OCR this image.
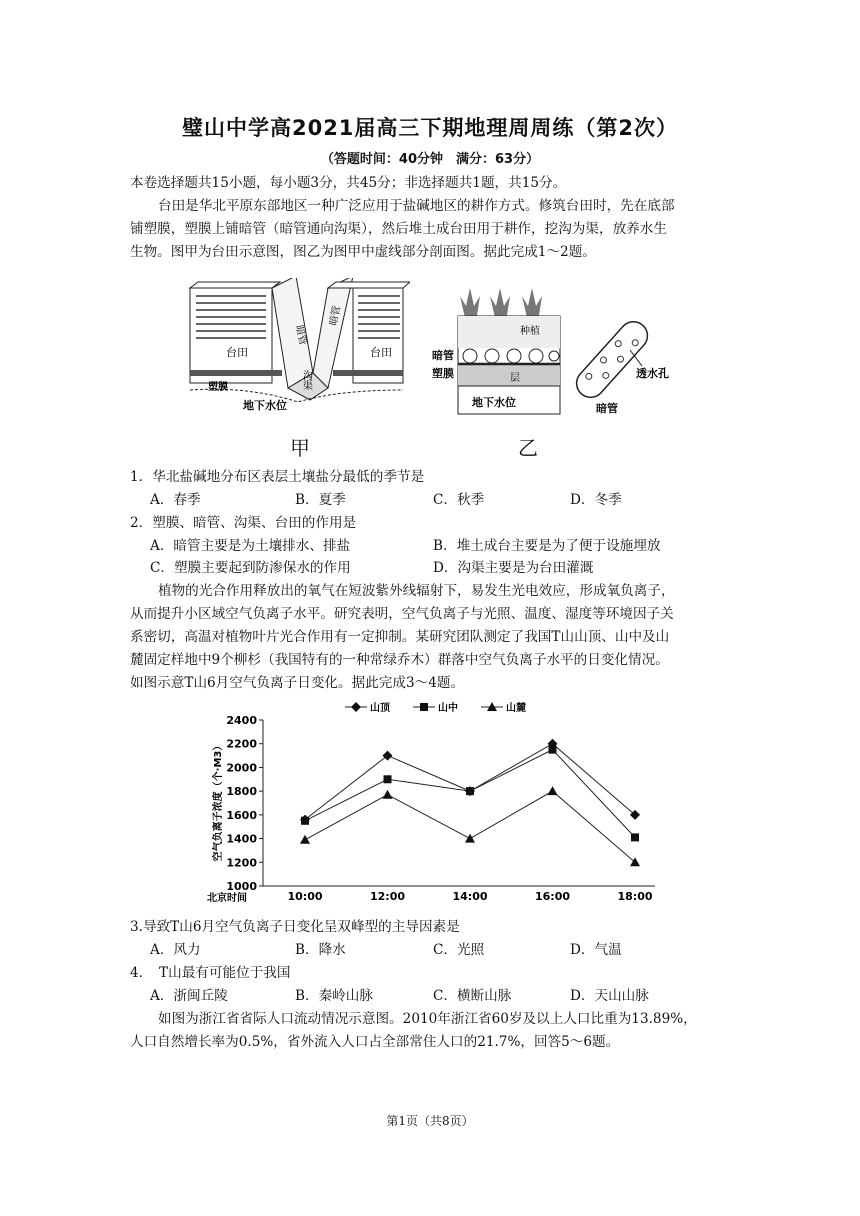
璧山中学高2021届高三下期地理周周练（第2次）
（答题时间：40分钟　满分：63分）
本卷选择题共15小题，每小题3分，共45分；非选择题共1题，共15分。
台田是华北平原东部地区一种广泛应用于盐碱地区的耕作方式。修筑台田时，先在底部
铺塑膜，塑膜上铺暗管（暗管通向沟渠），然后堆土成台田用于耕作，挖沟为渠，放养水生
生物。图甲为台田示意图，图乙为图甲中虚线部分剖面图。据此完成1～2题。
台田	台田
暗管
暗管
沟渠
塑膜
地下水位
种植
层
暗管
塑膜
地下水位
透水孔
暗管
甲	乙
1．华北盐碱地分布区表层土壤盐分最低的季节是
A．春季	B．夏季	C．秋季	D．冬季
2．塑膜、暗管、沟渠、台田的作用是
A．暗管主要是为土壤排水、排盐	B．堆土成台主要是为了便于设施埋放
C．塑膜主要起到防渗保水的作用	D．沟渠主要是为台田灌溉
植物的光合作用释放出的氧气在短波紫外线辐射下，易发生光电效应，形成氧负离子，
从而提升小区域空气负离子水平。研究表明，空气负离子与光照、温度、湿度等环境因子关
系密切，高温对植物叶片光合作用有一定抑制。某研究团队测定了我国T山山顶、山中及山
麓固定样地中9个柳杉（我国特有的一种常绿乔木）群落中空气负离子水平的日变化情况。
如图示意T山6月空气负离子日变化。据此完成3～4题。
山顶	山中	山麓
1000
1200
1400
1600
1800
2000
2200
2400
10:00	12:00	14:00	16:00	18:00
空气负离子浓度（个·M3）
北京时间
3.导致T山6月空气负离子日变化呈双峰型的主导因素是
A．风力	B．降水	C．光照	D．气温
4．　T山最有可能位于我国
A．浙闽丘陵	B．秦岭山脉	C．横断山脉	D．天山山脉
如图为浙江省省际人口流动情况示意图。2010年浙江省60岁及以上人口比重为13.89%，
人口自然增长率为0.5%，省外流入人口占全部常住人口的21.7%，回答5～6题。
第1页（共8页）
